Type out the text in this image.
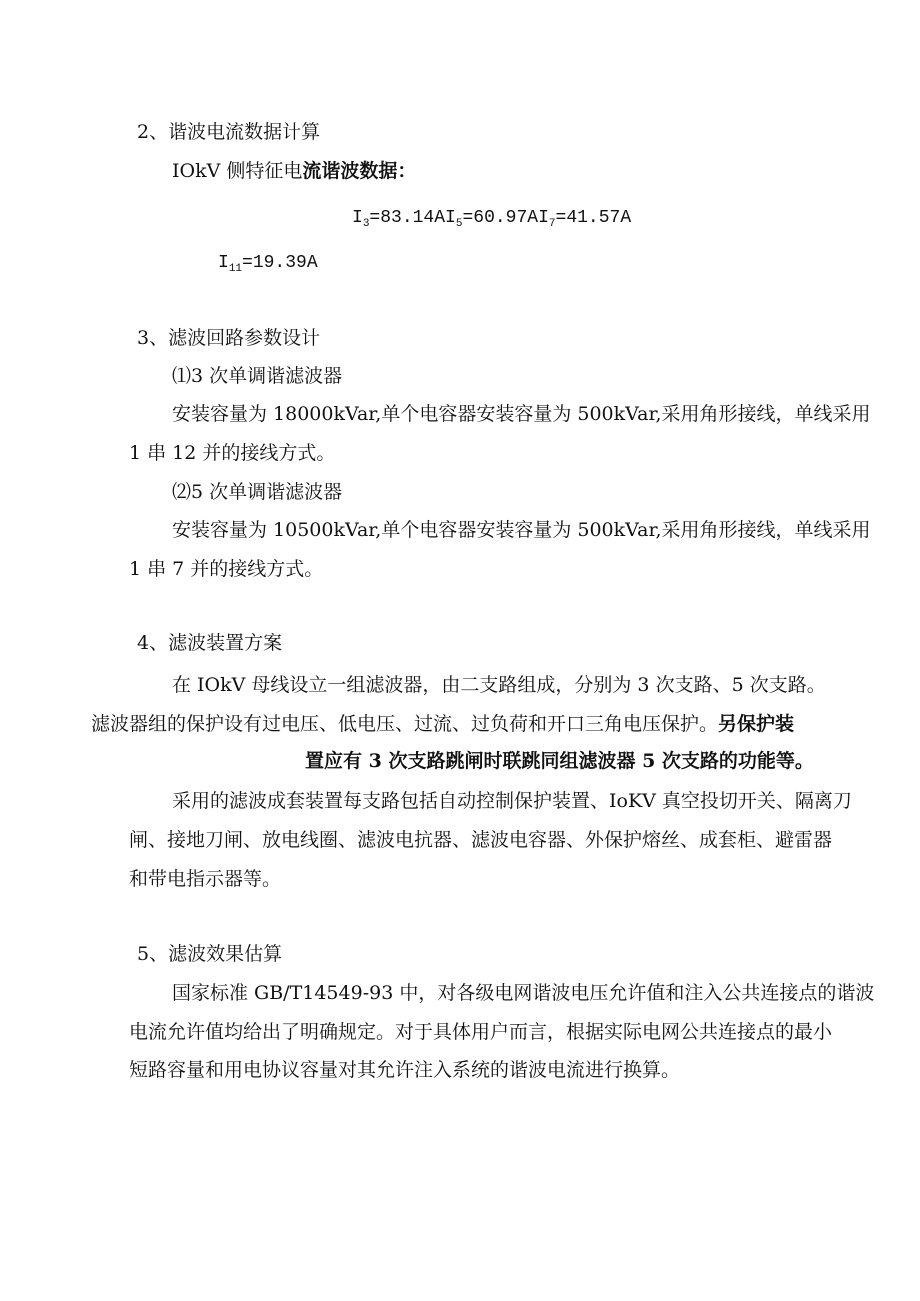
2、谐波电流数据计算
IOkV 侧特征电流谐波数据：
$I_3=83.14AI_5=60.97AI_7=41.57A$
$I_{11}=19.39A$
3、滤波回路参数设计
⑴3 次单调谐滤波器
安装容量为 18000kVar,单个电容器安装容量为 500kVar,采用角形接线，单线采用
1 串 12 并的接线方式。
⑵5 次单调谐滤波器
安装容量为 10500kVar,单个电容器安装容量为 500kVar,采用角形接线，单线采用
1 串 7 并的接线方式。
4、滤波装置方案
在 IOkV 母线设立一组滤波器，由二支路组成，分别为 3 次支路、5 次支路。
滤波器组的保护设有过电压、低电压、过流、过负荷和开口三角电压保护。另保护装
置应有 3 次支路跳闸时联跳同组滤波器 5 次支路的功能等。
采用的滤波成套装置每支路包括自动控制保护装置、IoKV 真空投切开关、隔离刀
闸、接地刀闸、放电线圈、滤波电抗器、滤波电容器、外保护熔丝、成套柜、避雷器
和带电指示器等。
5、滤波效果估算
国家标准 GB/T14549-93 中，对各级电网谐波电压允许值和注入公共连接点的谐波
电流允许值均给出了明确规定。对于具体用户而言，根据实际电网公共连接点的最小
短路容量和用电协议容量对其允许注入系统的谐波电流进行换算。
